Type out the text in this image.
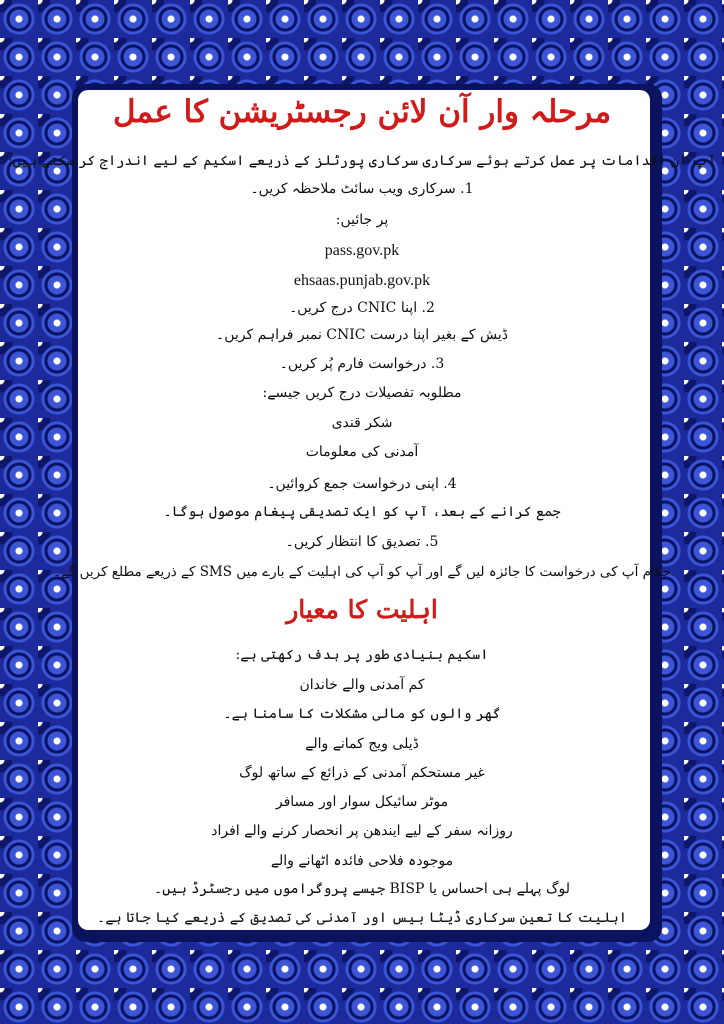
مرحلہ وار آن لائن رجسٹریشن کا عمل
آپ ان اقدامات پر عمل کرتے ہوئے سرکاری سرکاری پورٹلز کے ذریعے اسکیم کے لیے اندراج کر سکتے ہیں:
1. سرکاری ویب سائٹ ملاحظہ کریں۔
پر جائیں:
pass.gov.pk
ehsaas.punjab.gov.pk
2. اپنا CNIC درج کریں۔
ڈیش کے بغیر اپنا درست CNIC نمبر فراہم کریں۔
3. درخواست فارم پُر کریں۔
مطلوبہ تفصیلات درج کریں جیسے:
شکر قندی
آمدنی کی معلومات
4. اپنی درخواست جمع کروائیں۔
جمع کرانے کے بعد، آپ کو ایک تصدیقی پیغام موصول ہوگا۔
5. تصدیق کا انتظار کریں۔
حکام آپ کی درخواست کا جائزہ لیں گے اور آپ کو آپ کی اہلیت کے بارے میں SMS کے ذریعے مطلع کریں گے۔
اہلیت کا معیار
اسکیم بنیادی طور پر ہدف رکھتی ہے:
کم آمدنی والے خاندان
گھر والوں کو مالی مشکلات کا سامنا ہے۔
ڈیلی ویج کمانے والے
غیر مستحکم آمدنی کے ذرائع کے ساتھ لوگ
موٹر سائیکل سوار اور مسافر
روزانہ سفر کے لیے ایندھن پر انحصار کرنے والے افراد
موجودہ فلاحی فائدہ اٹھانے والے
لوگ پہلے ہی احساس یا BISP جیسے پروگراموں میں رجسٹرڈ ہیں۔
اہلیت کا تعین سرکاری ڈیٹا بیس اور آمدنی کی تصدیق کے ذریعے کیا جاتا ہے۔
